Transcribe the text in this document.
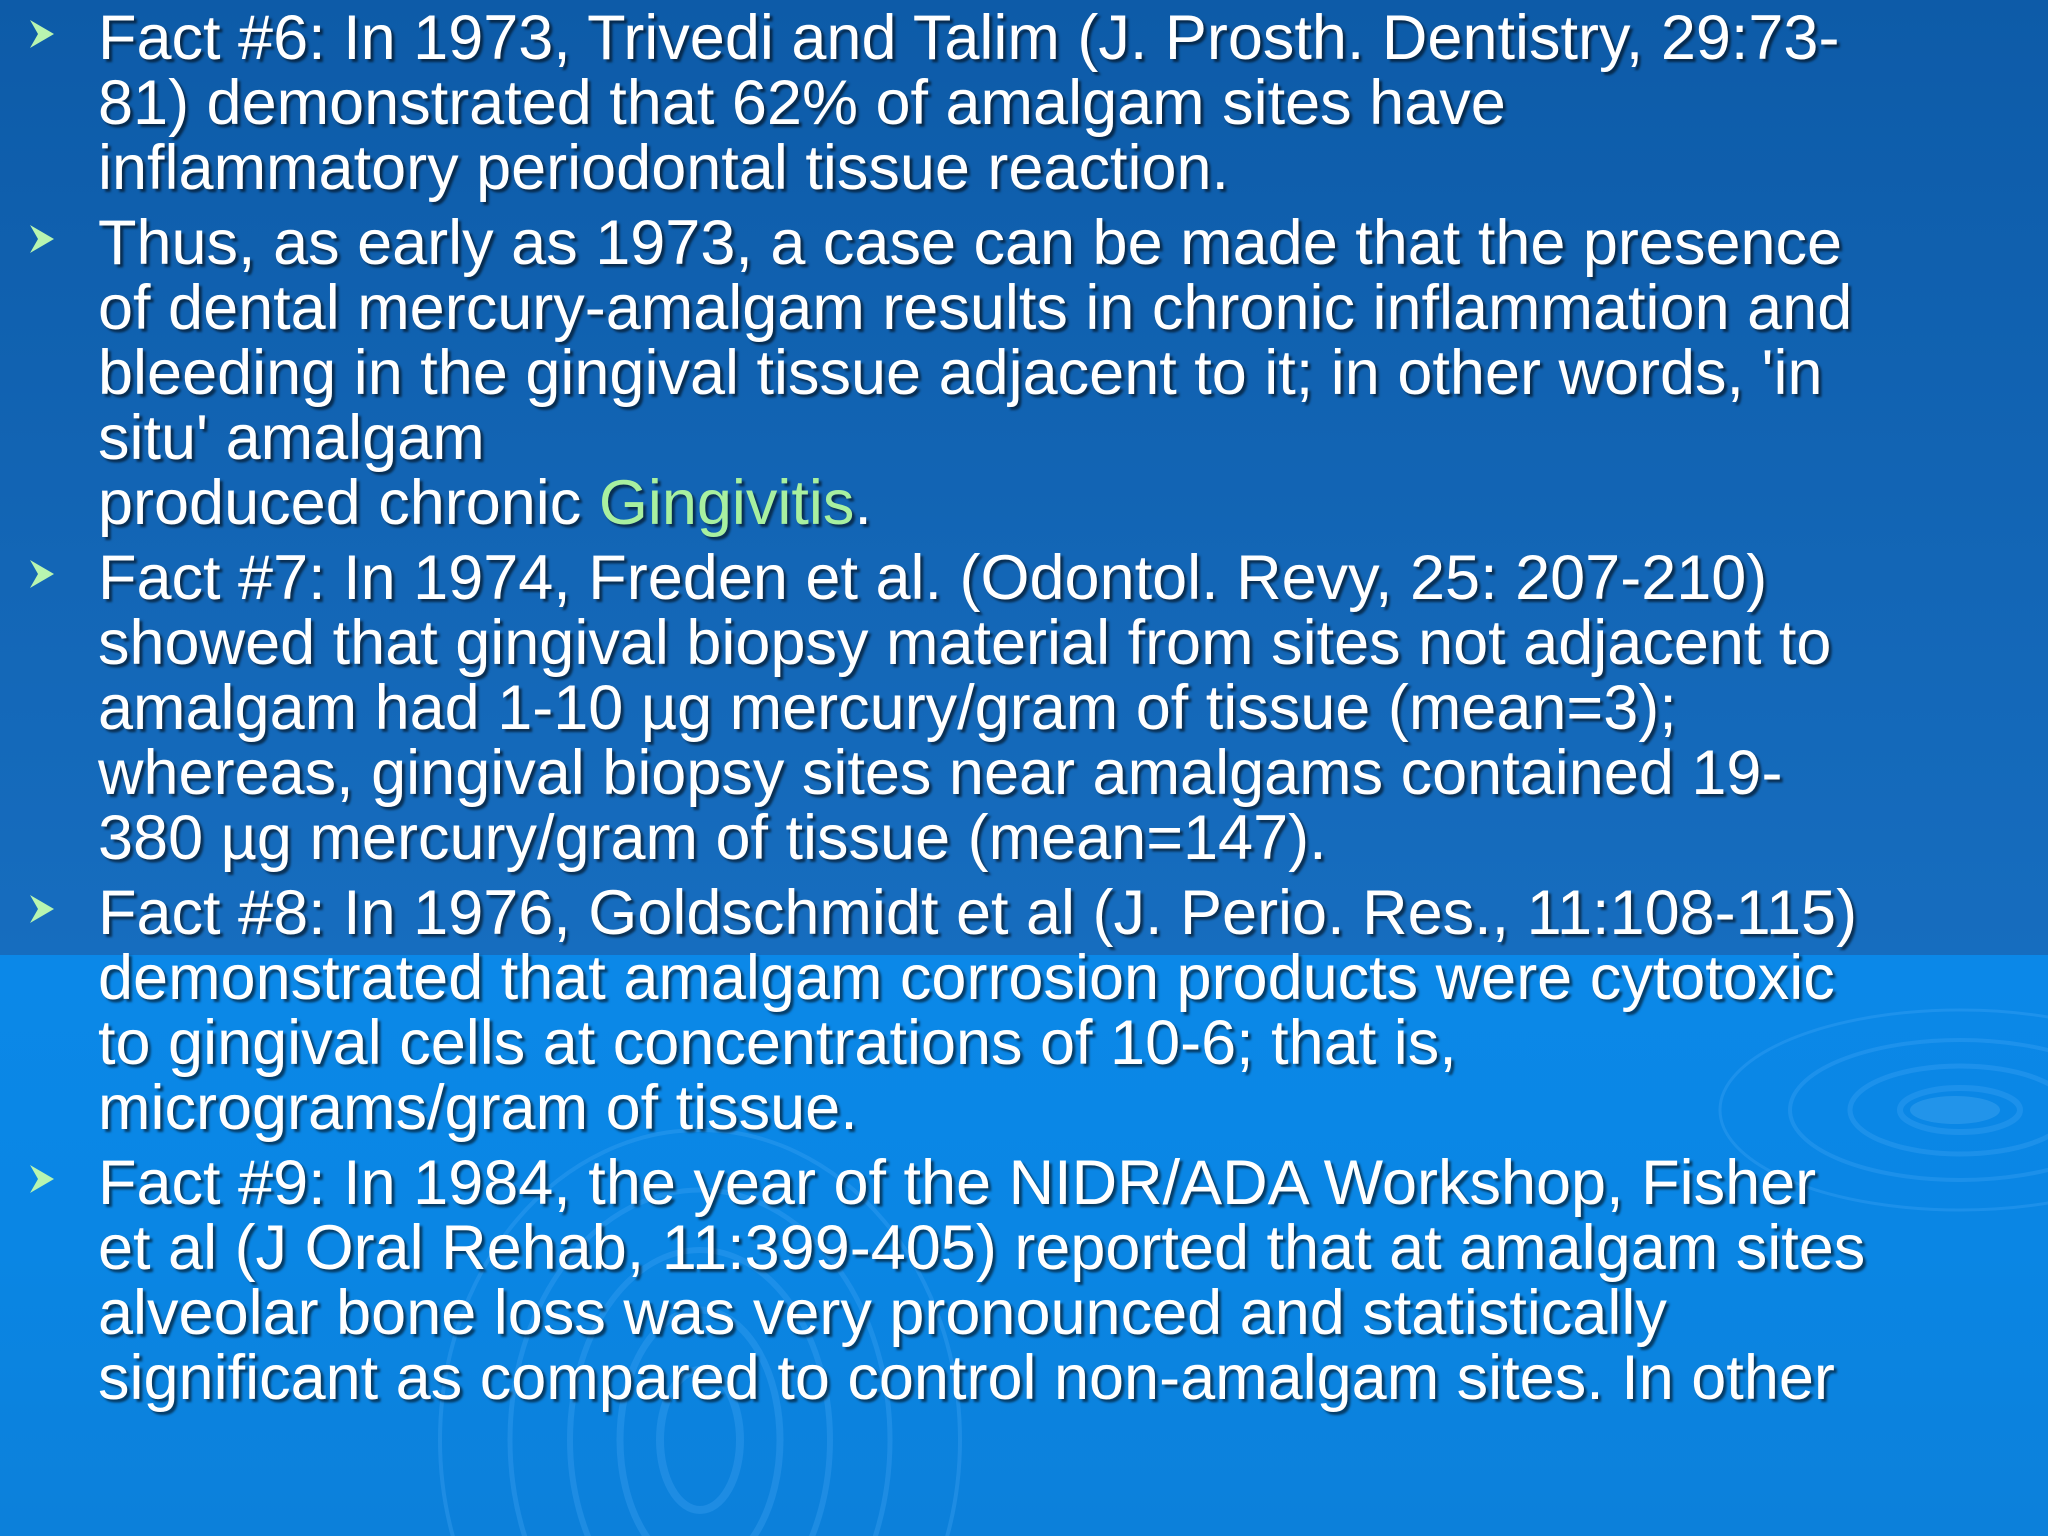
Fact #6: In 1973, Trivedi and Talim (J. Prosth. Dentistry, 29:73-
81) demonstrated that 62% of amalgam sites have
inflammatory periodontal tissue reaction.

Thus, as early as 1973, a case can be made that the presence
of dental mercury-amalgam results in chronic inflammation and
bleeding in the gingival tissue adjacent to it; in other words, 'in
situ' amalgam
produced chronic Gingivitis.

Fact #7: In 1974, Freden et al. (Odontol. Revy, 25: 207-210)
showed that gingival biopsy material from sites not adjacent to
amalgam had 1-10 µg mercury/gram of tissue (mean=3);
whereas, gingival biopsy sites near amalgams contained 19-
380 µg mercury/gram of tissue (mean=147).

Fact #8: In 1976, Goldschmidt et al (J. Perio. Res., 11:108-115)
demonstrated that amalgam corrosion products were cytotoxic
to gingival cells at concentrations of 10-6; that is,
micrograms/gram of tissue.

Fact #9: In 1984, the year of the NIDR/ADA Workshop, Fisher
et al (J Oral Rehab, 11:399-405) reported that at amalgam sites
alveolar bone loss was very pronounced and statistically
significant as compared to control non-amalgam sites. In other
